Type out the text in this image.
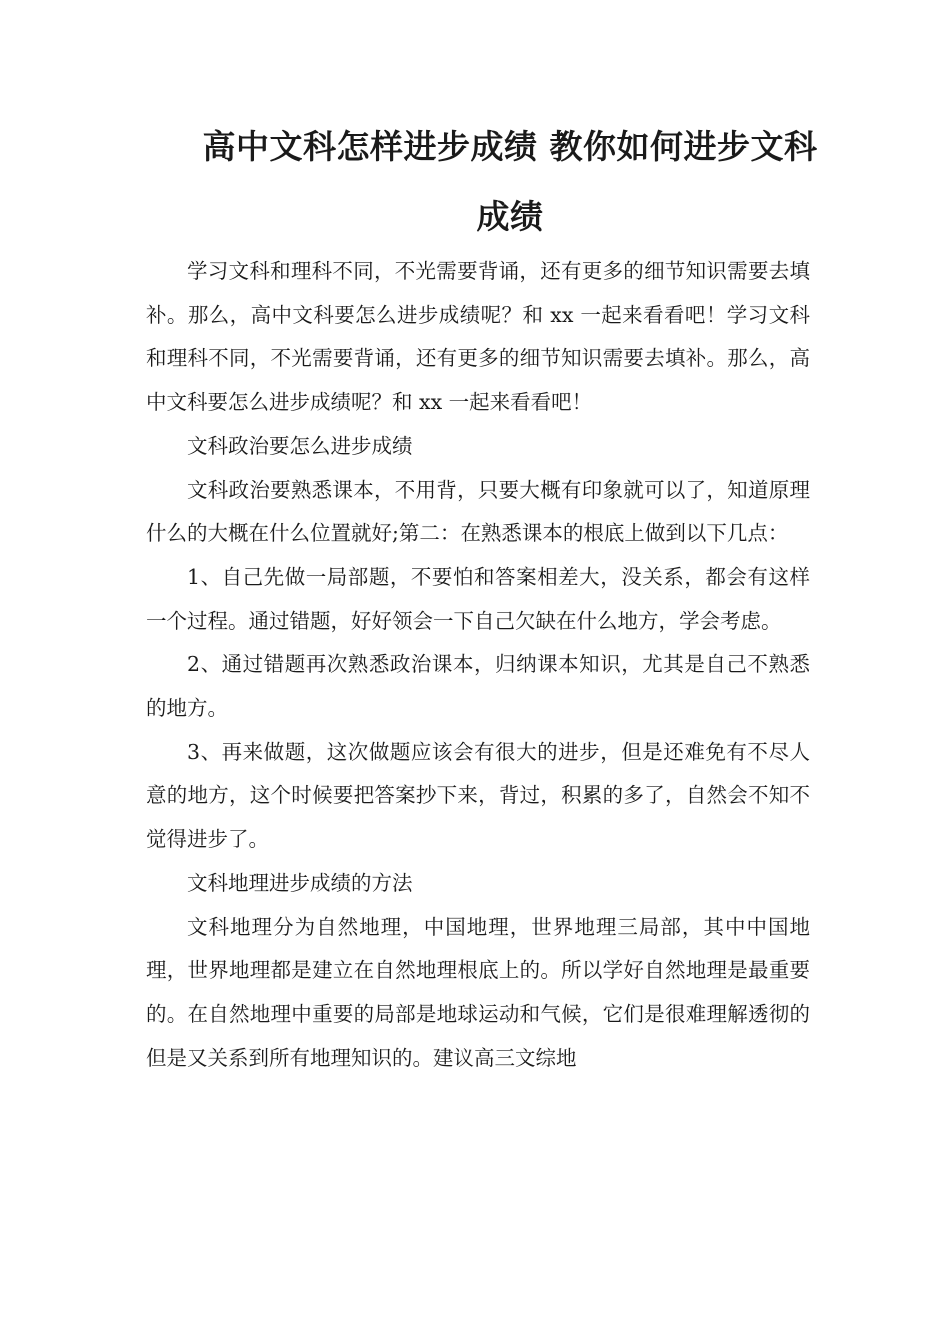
高中文科怎样进步成绩 教你如何进步文科成绩

学习文科和理科不同，不光需要背诵，还有更多的细节知识需要去填补。那么，高中文科要怎么进步成绩呢？和 xx 一起来看看吧！学习文科和理科不同，不光需要背诵，还有更多的细节知识需要去填补。那么，高中文科要怎么进步成绩呢？和 xx 一起来看看吧！

文科政治要怎么进步成绩

文科政治要熟悉课本，不用背，只要大概有印象就可以了，知道原理什么的大概在什么位置就好;第二：在熟悉课本的根底上做到以下几点：

1、自己先做一局部题，不要怕和答案相差大，没关系，都会有这样一个过程。通过错题，好好领会一下自己欠缺在什么地方，学会考虑。

2、通过错题再次熟悉政治课本，归纳课本知识，尤其是自己不熟悉的地方。

3、再来做题，这次做题应该会有很大的进步，但是还难免有不尽人意的地方，这个时候要把答案抄下来，背过，积累的多了，自然会不知不觉得进步了。

文科地理进步成绩的方法

文科地理分为自然地理，中国地理，世界地理三局部，其中中国地理，世界地理都是建立在自然地理根底上的。所以学好自然地理是最重要的。在自然地理中重要的局部是地球运动和气候，它们是很难理解透彻的但是又关系到所有地理知识的。建议高三文综地
